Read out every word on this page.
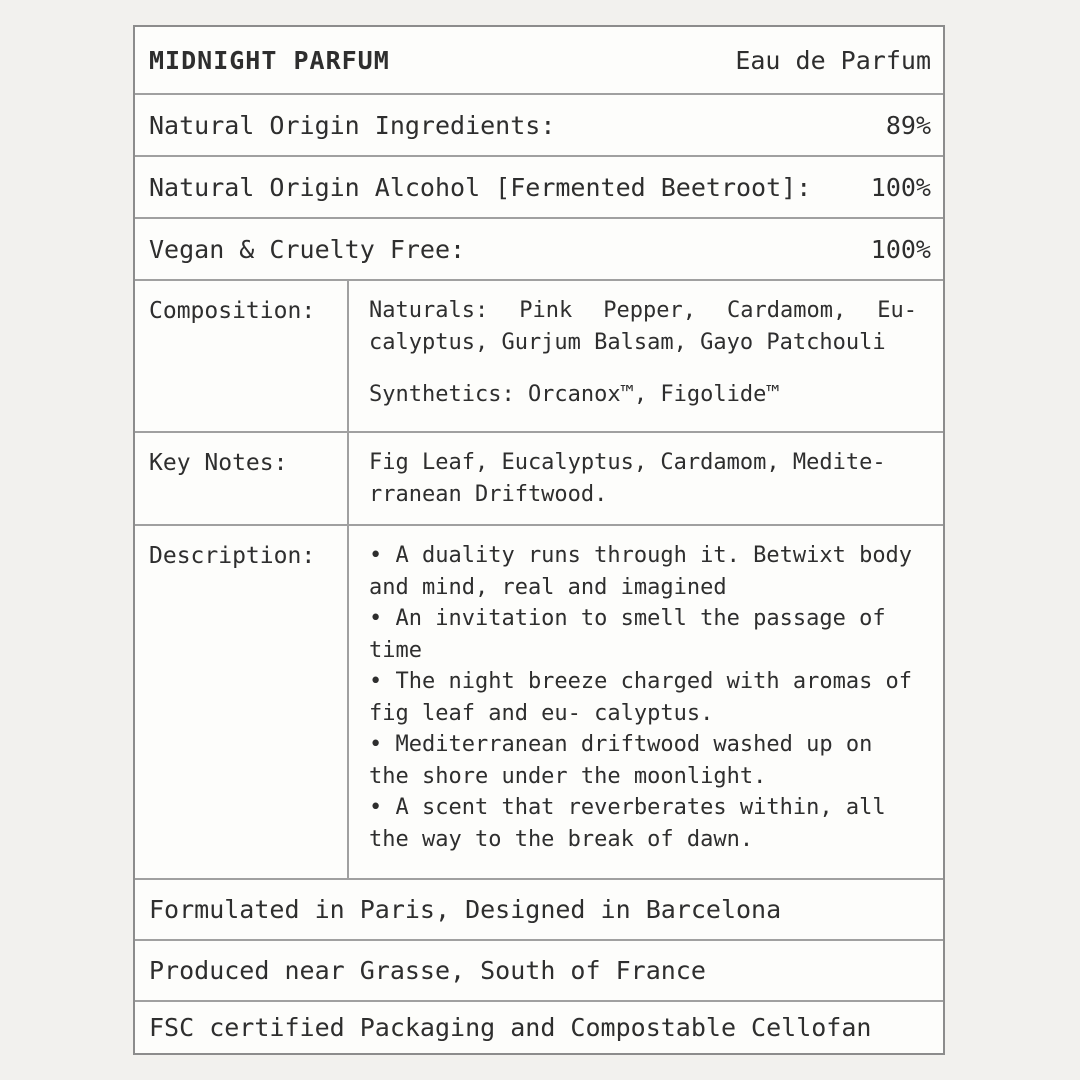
MIDNIGHT PARFUM	Eau de Parfum
Natural Origin Ingredients:	89%
Natural Origin Alcohol [Fermented Beetroot]: 100%
Vegan & Cruelty Free:	100%
Composition:	Naturals: Pink Pepper, Cardamom, Eu- calyptus, Gurjum Balsam, Gayo Patchouli

Synthetics: Orcanox™, Figolide™

Key Notes:	Fig Leaf, Eucalyptus, Cardamom, Medite- rranean Driftwood.

Description:	• A duality runs through it. Betwixt body and mind, real and imagined

• An invitation to smell the passage of time

• The night breeze charged with aromas of fig leaf and eu- calyptus.

• Mediterranean driftwood washed up on the shore under the moonlight.

• A scent that reverberates within, all the way to the break of dawn.

Formulated in Paris, Designed in Barcelona
Produced near Grasse, South of France
FSC certified Packaging and Compostable Cellofan
